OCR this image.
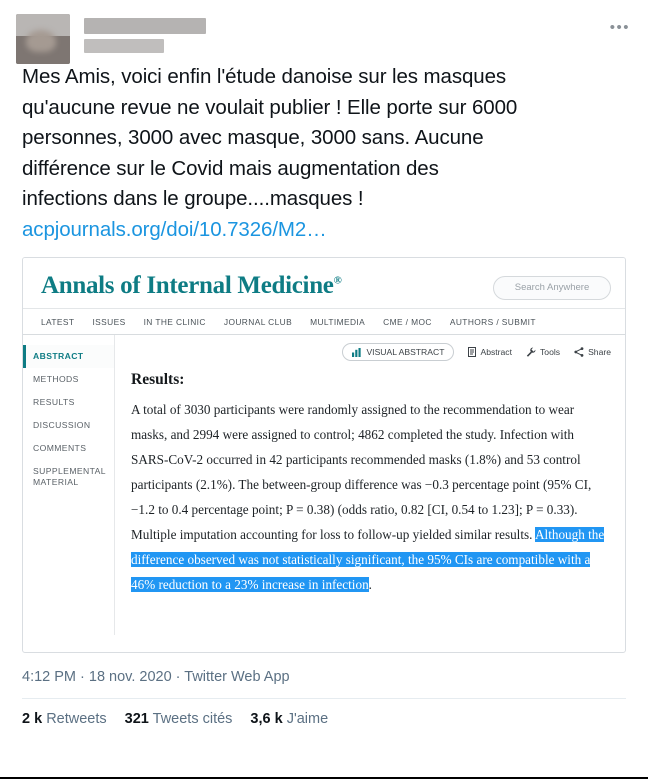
•••
Mes Amis, voici enfin l'étude danoise sur les masques
qu'aucune revue ne voulait publier ! Elle porte sur 6000
personnes, 3000 avec masque, 3000 sans. Aucune
différence sur le Covid mais augmentation des
infections dans le groupe....masques !
acpjournals.org/doi/10.7326/M2…
Annals of Internal Medicine®
Search Anywhere
LATEST ISSUES IN THE CLINIC JOURNAL CLUB MULTIMEDIA CME / MOC AUTHORS / SUBMIT
ABSTRACT
METHODS
RESULTS
DISCUSSION
COMMENTS
SUPPLEMENTAL MATERIAL
VISUAL ABSTRACT	Abstract	Tools	Share
Results:
A total of 3030 participants were randomly assigned to the recommendation to wear masks, and 2994 were assigned to control; 4862 completed the study. Infection with SARS-CoV-2 occurred in 42 participants recommended masks (1.8%) and 53 control participants (2.1%). The between-group difference was −0.3 percentage point (95% CI, −1.2 to 0.4 percentage point; P = 0.38) (odds ratio, 0.82 [CI, 0.54 to 1.23]; P = 0.33). Multiple imputation accounting for loss to follow-up yielded similar results. Although the difference observed was not statistically significant, the 95% CIs are compatible with a 46% reduction to a 23% increase in infection.
4:12 PM · 18 nov. 2020 · Twitter Web App
2 k Retweets 321 Tweets cités 3,6 k J'aime
